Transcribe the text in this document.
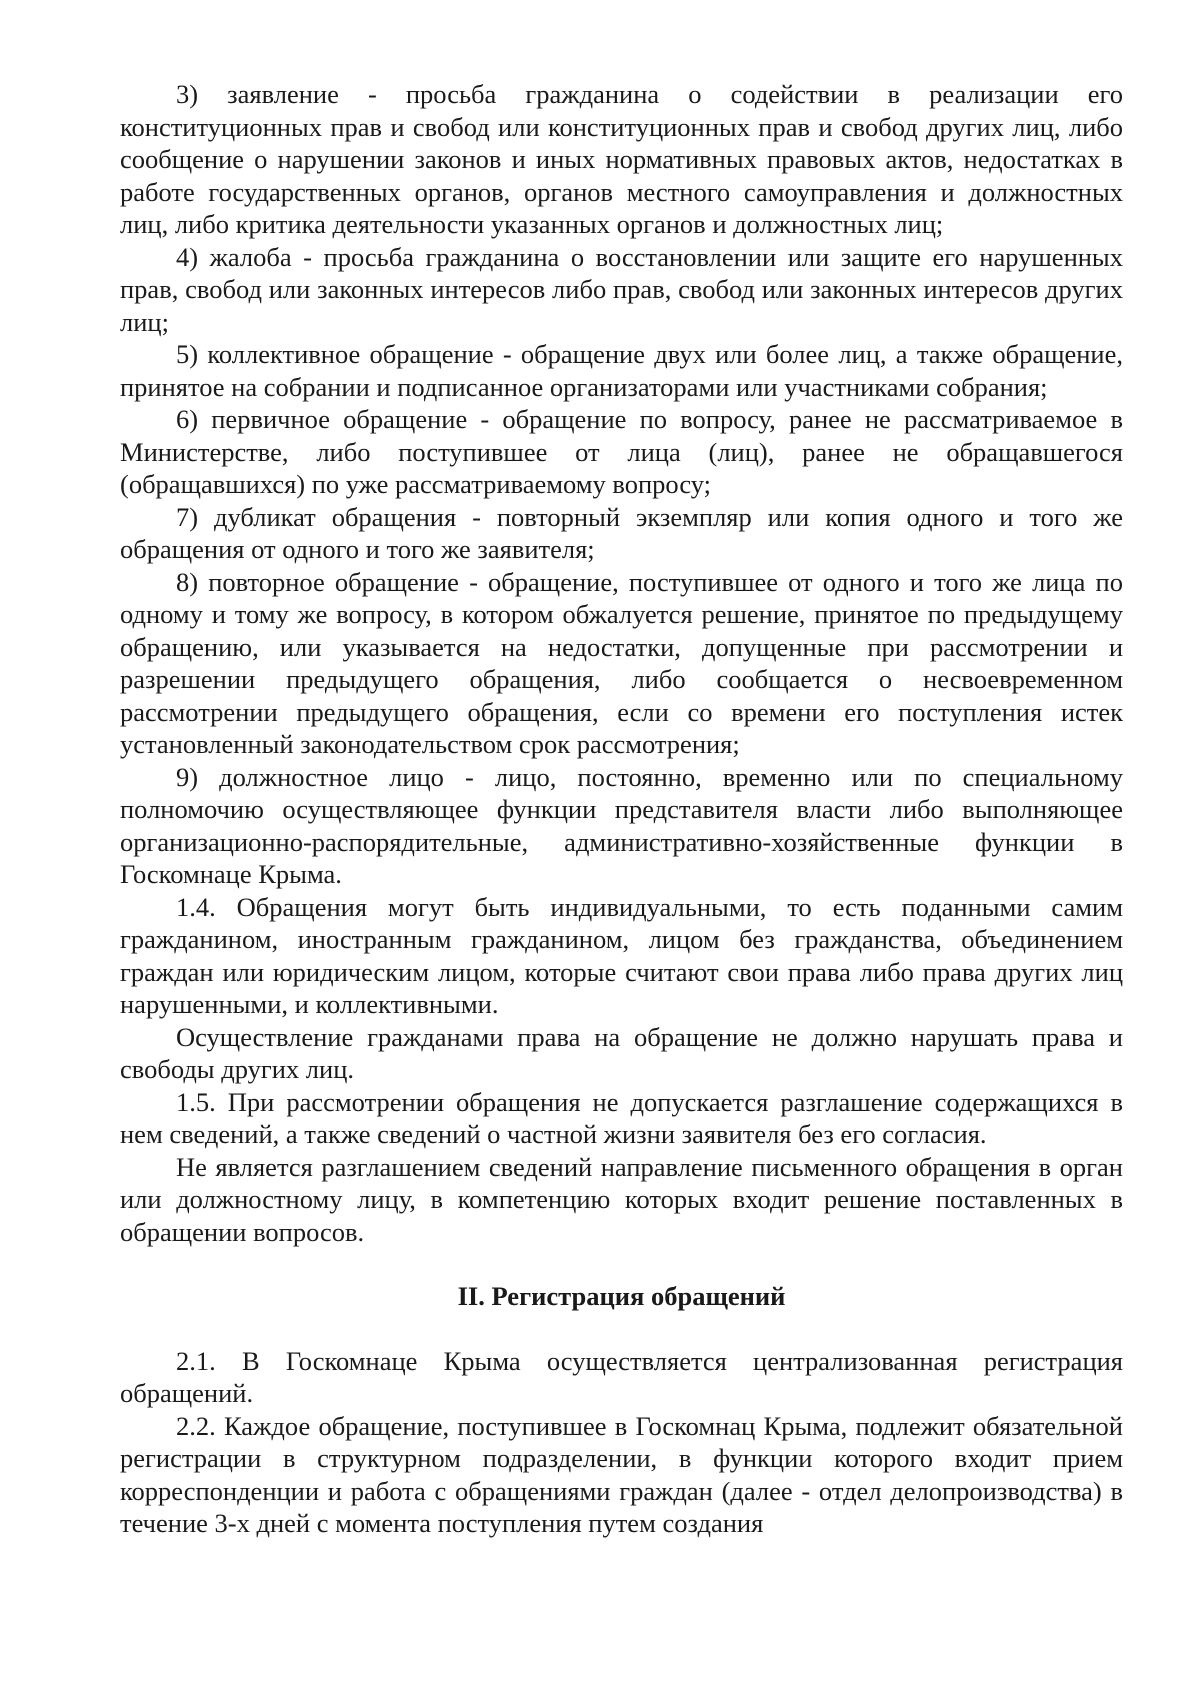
3) заявление - просьба гражданина о содействии в реализации его конституционных прав и свобод или конституционных прав и свобод других лиц, либо сообщение о нарушении законов и иных нормативных правовых актов, недостатках в работе государственных органов, органов местного самоуправления и должностных лиц, либо критика деятельности указанных органов и должностных лиц;

4) жалоба - просьба гражданина о восстановлении или защите его нарушенных прав, свобод или законных интересов либо прав, свобод или законных интересов других лиц;

5) коллективное обращение - обращение двух или более лиц, а также обращение, принятое на собрании и подписанное организаторами или участниками собрания;

6) первичное обращение - обращение по вопросу, ранее не рассматриваемое в Министерстве, либо поступившее от лица (лиц), ранее не обращавшегося (обращавшихся) по уже рассматриваемому вопросу;

7) дубликат обращения - повторный экземпляр или копия одного и того же обращения от одного и того же заявителя;

8) повторное обращение - обращение, поступившее от одного и того же лица по одному и тому же вопросу, в котором обжалуется решение, принятое по предыдущему обращению, или указывается на недостатки, допущенные при рассмотрении и разрешении предыдущего обращения, либо сообщается о несвоевременном рассмотрении предыдущего обращения, если со времени его поступления истек установленный законодательством срок рассмотрения;

9) должностное лицо - лицо, постоянно, временно или по специальному полномочию осуществляющее функции представителя власти либо выполняющее организационно-распорядительные, административно-хозяйственные функции в Госкомнаце Крыма.

1.4. Обращения могут быть индивидуальными, то есть поданными самим гражданином, иностранным гражданином, лицом без гражданства, объединением граждан или юридическим лицом, которые считают свои права либо права других лиц нарушенными, и коллективными.

Осуществление гражданами права на обращение не должно нарушать права и свободы других лиц.

1.5. При рассмотрении обращения не допускается разглашение содержащихся в нем сведений, а также сведений о частной жизни заявителя без его согласия.

Не является разглашением сведений направление письменного обращения в орган или должностному лицу, в компетенцию которых входит решение поставленных в обращении вопросов.

II. Регистрация обращений

2.1. В Госкомнаце Крыма осуществляется централизованная регистрация обращений.

2.2. Каждое обращение, поступившее в Госкомнац Крыма, подлежит обязательной регистрации в структурном подразделении, в функции которого входит прием корреспонденции и работа с обращениями граждан (далее - отдел делопроизводства) в течение 3-х дней с момента поступления путем создания
